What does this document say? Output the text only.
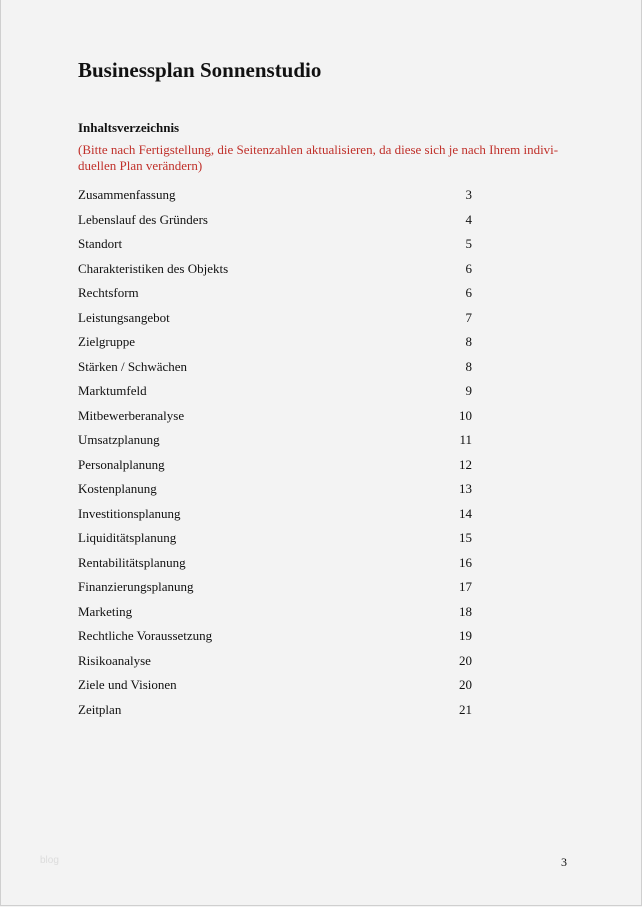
Businessplan Sonnenstudio
Inhaltsverzeichnis
(Bitte nach Fertigstellung, die Seitenzahlen aktualisieren, da diese sich je nach Ihrem indivi-duellen Plan verändern)
Zusammenfassung	3
Lebenslauf des Gründers	4
Standort	5
Charakteristiken des Objekts	6
Rechtsform	6
Leistungsangebot	7
Zielgruppe	8
Stärken / Schwächen	8
Marktumfeld	9
Mitbewerberanalyse	10
Umsatzplanung	11
Personalplanung	12
Kostenplanung	13
Investitionsplanung	14
Liquiditätsplanung	15
Rentabilitätsplanung	16
Finanzierungsplanung	17
Marketing	18
Rechtliche Voraussetzung	19
Risikoanalyse	20
Ziele und Visionen	20
Zeitplan	21
blog	3
